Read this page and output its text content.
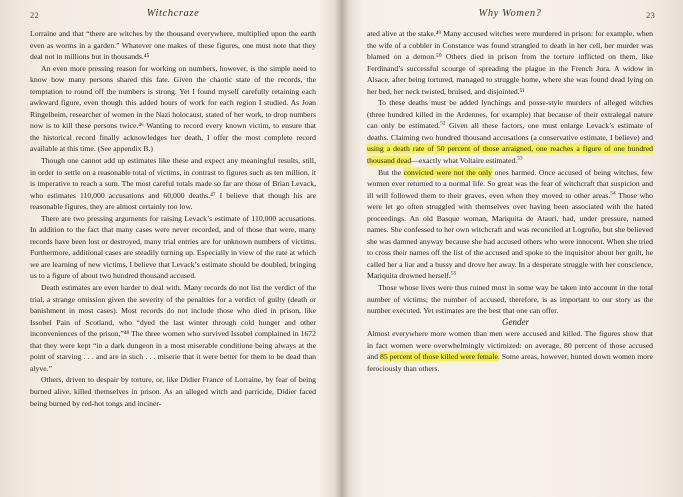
22	Witchcraze

Lorraine and that “there are witches by the thousand everywhere, multiplied upon the earth even as worms in a garden.” Whatever one makes of these figures, one must note that they deal not in millions but in thousands.⁴⁵

An even more pressing reason for working on numbers, however, is the simple need to know how many persons shared this fate. Given the chaotic state of the records, the temptation to round off the numbers is strong. Yet I found myself carefully retaining each awkward figure, even though this added hours of work for each region I studied. As Joan Ringelheim, researcher of women in the Nazi holocaust, stated of her work, to drop numbers now is to kill these persons twice.⁴⁶ Wanting to record every known victim, to ensure that the historical record finally acknowledges her death, I offer the most complete record available at this time. (See appendix B.)

Though one cannot add up estimates like these and expect any meaningful results, still, in order to settle on a reasonable total of victims, in contrast to figures such as ten million, it is imperative to reach a sum. The most careful totals made so far are those of Brian Levack, who estimates 110,000 accusations and 60,000 deaths.⁴⁷ I believe that though his are reasonable figures, they are almost certainly too low.

There are two pressing arguments for raising Levack’s estimate of 110,000 accusations. In addition to the fact that many cases were never recorded, and of those that were, many records have been lost or destroyed, many trial entries are for unknown numbers of victims. Furthermore, additional cases are steadily turning up. Especially in view of the rate at which we are learning of new victims, I believe that Levack’s estimate should be doubled, bringing us to a figure of about two hundred thousand accused.

Death estimates are even harder to deal with. Many records do not list the verdict of the trial, a strange omission given the severity of the penalties for a verdict of guilty (death or banishment in most cases). Most records do not include those who died in prison, like Issobel Pain of Scotland, who “dyed the last winter through cold hunger and other inconveniences of the prison,”⁴⁸ The three women who survived Issobel complained in 1672 that they were kept “in a dark dungeon in a most miserable conditione being always at the point of starving . . . and are in such . . . miserie that it were better for them to be dead than alyve.”

Others, driven to despair by torture, or, like Didier France of Lorraine, by fear of being burned alive, killed themselves in prison. As an alleged witch and parricide, Didier faced being burned by red-hot tongs and inciner-

Why Women?	23

ated alive at the stake.⁴⁹ Many accused witches were murdered in prison: for example, when the wife of a cobbler in Constance was found strangled to death in her cell, her murder was blamed on a demon.⁵⁰ Others died in prison from the torture inflicted on them, like Ferdinand’s successful scourge of spreading the plague in the French Jura. A widow in Alsace, after being tortured, managed to struggle home, where she was found dead lying on her bed, her neck twisted, bruised, and disjointed.⁵¹

To these deaths must be added lynchings and posse-style murders of alleged witches (three hundred killed in the Ardennes, for example) that because of their extralegal nature can only be estimated.$^{52}$ Given all these factors, one must enlarge Levack’s estimate of deaths. Claiming two hundred thousand accusations (a conservative estimate, I believe) and using a death rate of 50 percent of those arraigned, one reaches a figure of one hundred thousand dead—exactly what Voltaire estimated.$^{53}$

But the convicted were not the only ones harmed. Once accused of being witches, few women ever returned to a normal life. So great was the fear of witchcraft that suspicion and ill will followed them to their graves, even when they moved to other areas.$^{54}$ Those who were let go often struggled with themselves over having been associated with the hated proceedings. An old Basque woman, Mariquita de Atauri, had, under pressure, named names. She confessed to her own witchcraft and was reconciled at Logroño, but she believed she was damned anyway because she had accused others who were innocent. When she tried to cross their names off the list of the accused and spoke to the inquisitor about her guilt, he called her a liar and a hussy and drove her away. In a desperate struggle with her conscience, Mariquita drowned herself.$^{55}$

Those whose lives were thus ruined must in some way be taken into account in the total number of victims; the number of accused, therefore, is as important to our story as the number executed. Yet estimates are the best that one can offer.

Gender

Almost everywhere more women than men were accused and killed. The figures show that in fact women were overwhelmingly victimized: on average, 80 percent of those accused and 85 percent of those killed were female. Some areas, however, hunted down women more ferociously than others.
